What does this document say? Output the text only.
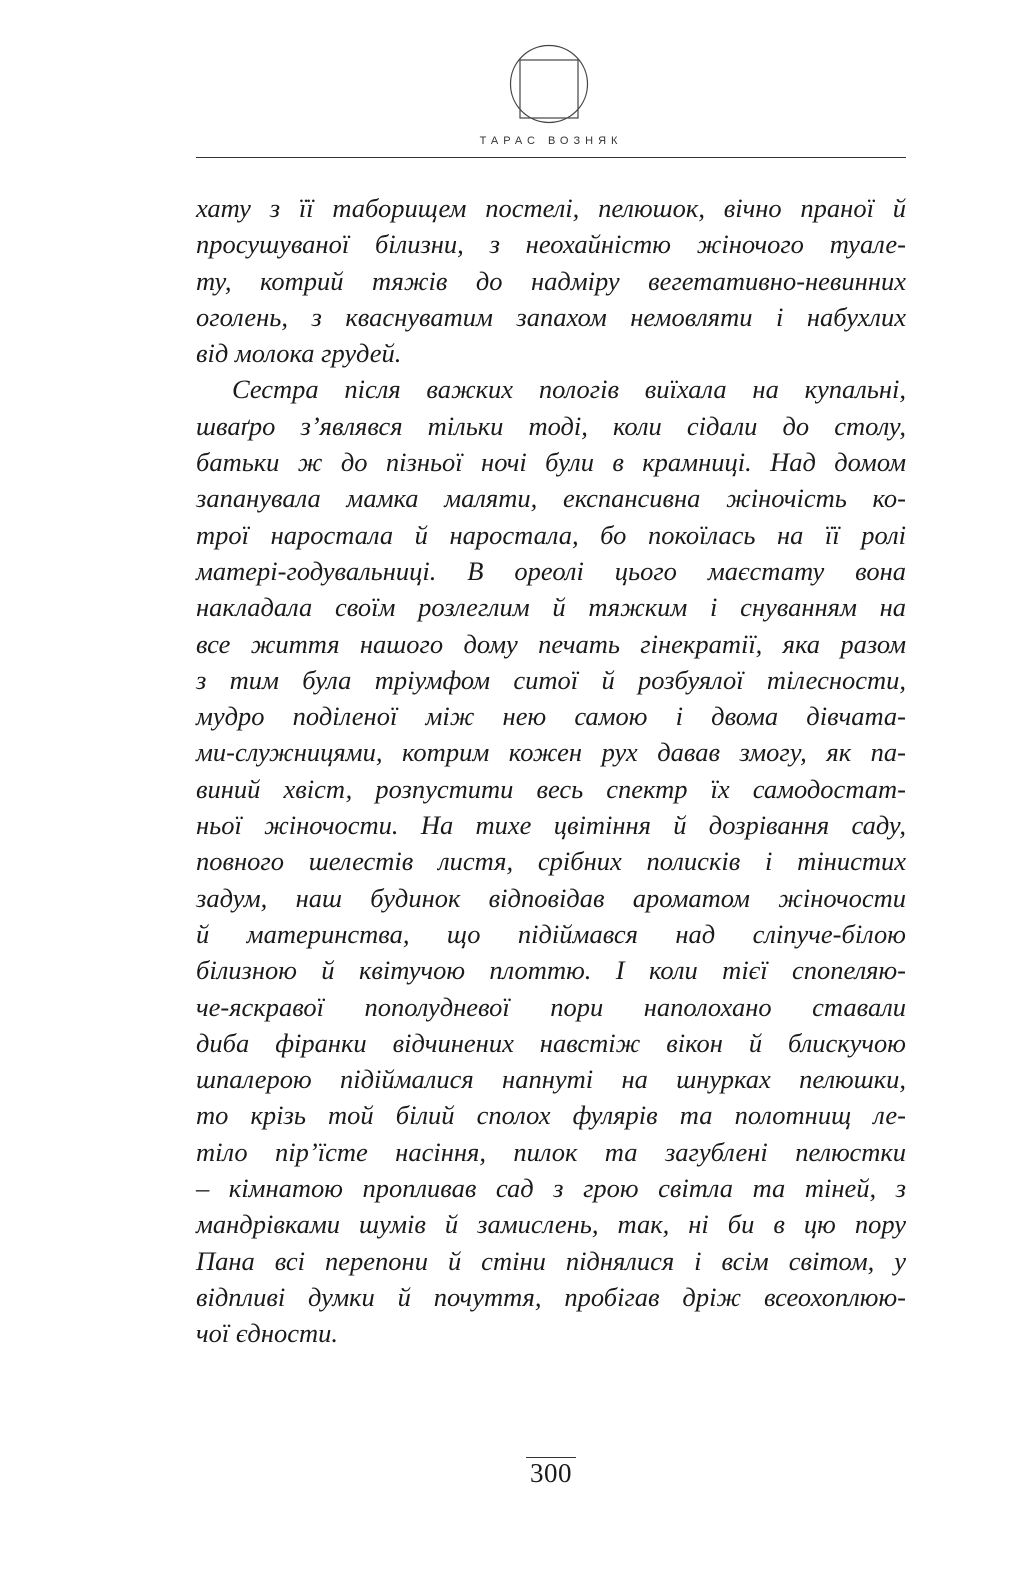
ТАРАС ВОЗНЯК
хату з її таборищем постелі, пелюшок, вічно праної й
просушуваної білизни, з неохайністю жіночого туале-
ту, котрий тяжів до надміру вегетативно-невинних
оголень, з кваснуватим запахом немовляти і набухлих
від молока грудей.
Сестра після важких пологів виїхала на купальні,
шваґро з’являвся тільки тоді, коли сідали до столу,
батьки ж до пізньої ночі були в крамниці. Над домом
запанувала мамка маляти, експансивна жіночість ко-
трої наростала й наростала, бо покоїлась на її ролі
матері-годувальниці. В ореолі цього маєстату вона
накладала своїм розлеглим й тяжким і снуванням на
все життя нашого дому печать гінекратії, яка разом
з тим була тріумфом ситої й розбуялої тілесности,
мудро поділеної між нею самою і двома дівчата-
ми-служницями, котрим кожен рух давав змогу, як па-
виний хвіст, розпустити весь спектр їх самодостат-
ньої жіночости. На тихе цвітіння й дозрівання саду,
повного шелестів листя, срібних полисків і тінистих
задум, наш будинок відповідав ароматом жіночости
й материнства, що підіймався над сліпуче-білою
білизною й квітучою плоттю. І коли тієї спопеляю-
че-яскравої пополудневої пори наполохано ставали
диба фіранки відчинених навстіж вікон й блискучою
шпалерою підіймалися напнуті на шнурках пелюшки,
то крізь той білий сполох фулярів та полотнищ ле-
тіло пір’їсте насіння, пилок та загублені пелюстки
– кімнатою пропливав сад з грою світла та тіней, з
мандрівками шумів й замислень, так, ні би в цю пору
Пана всі перепони й стіни піднялися і всім світом, у
відпливі думки й почуття, пробігав дріж всеохоплюю-
чої єдности.
300
